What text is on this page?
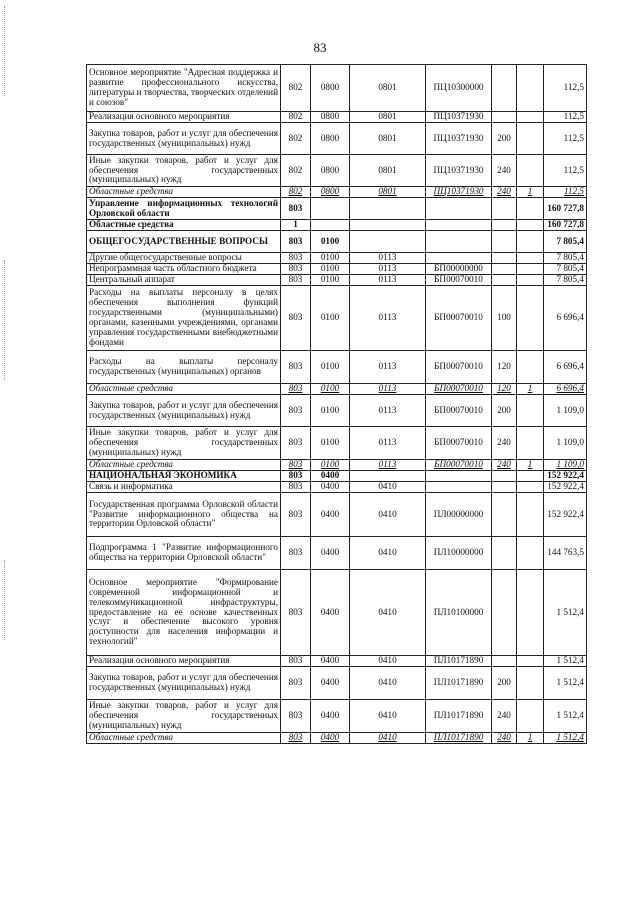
83
Основное мероприятие "Адресная поддержка и развитие профессионального искусства, литературы и творчества, творческих отделений и союзов"	802	0800	0801	ПЦ10300000			112,5
Реализация основного мероприятия	802	0800	0801	ПЦ10371930			112,5
Закупка товаров, работ и услуг для обеспечения государственных (муниципальных) нужд	802	0800	0801	ПЦ10371930	200		112,5
Иные закупки товаров, работ и услуг для обеспечения государственных (муниципальных) нужд	802	0800	0801	ПЦ10371930	240		112,5
Областные средства	802	0800	0801	ПЦ10371930	240	1	112,5
Управление информационных технологий Орловской области	803						160 727,8
Областные средства	1						160 727,8
ОБЩЕГОСУДАРСТВЕННЫЕ ВОПРОСЫ	803	0100					7 805,4
Другие общегосударственные вопросы	803	0100	0113				7 805,4
Непрограммная часть областного бюджета	803	0100	0113	БП00000000			7 805,4
Центральный аппарат	803	0100	0113	БП00070010			7 805,4
Расходы на выплаты персоналу в целях обеспечения выполнения функций государственными (муниципальными) органами, казенными учреждениями, органами управления государственными внебюджетными фондами	803	0100	0113	БП00070010	100		6 696,4
Расходы на выплаты персоналу государственных (муниципальных) органов	803	0100	0113	БП00070010	120		6 696,4
Областные средства	803	0100	0113	БП00070010	120	1	6 696,4
Закупка товаров, работ и услуг для обеспечения государственных (муниципальных) нужд	803	0100	0113	БП00070010	200		1 109,0
Иные закупки товаров, работ и услуг для обеспечения государственных (муниципальных) нужд	803	0100	0113	БП00070010	240		1 109,0
Областные средства	803	0100	0113	БП00070010	240	1	1 109,0
НАЦИОНАЛЬНАЯ ЭКОНОМИКА	803	0400					152 922,4
Связь и информатика	803	0400	0410				152 922,4
Государственная программа Орловской области "Развитие информационного общества на территории Орловской области"	803	0400	0410	ПЛ00000000			152 922,4
Подпрограмма 1 "Развитие информационного общества на территории Орловской области"	803	0400	0410	ПЛ10000000			144 763,5
Основное мероприятие "Формирование современной информационной и телекоммуникационной инфраструктуры, предоставление на ее основе качественных услуг и обеспечение высокого уровня доступности для населения информации и технологий"	803	0400	0410	ПЛ10100000			1 512,4
Реализация основного мероприятия	803	0400	0410	ПЛ10171890			1 512,4
Закупка товаров, работ и услуг для обеспечения государственных (муниципальных) нужд	803	0400	0410	ПЛ10171890	200		1 512,4
Иные закупки товаров, работ и услуг для обеспечения государственных (муниципальных) нужд	803	0400	0410	ПЛ10171890	240		1 512,4
Областные средства	803	0400	0410	ПЛ10171890	240	1	1 512,4
